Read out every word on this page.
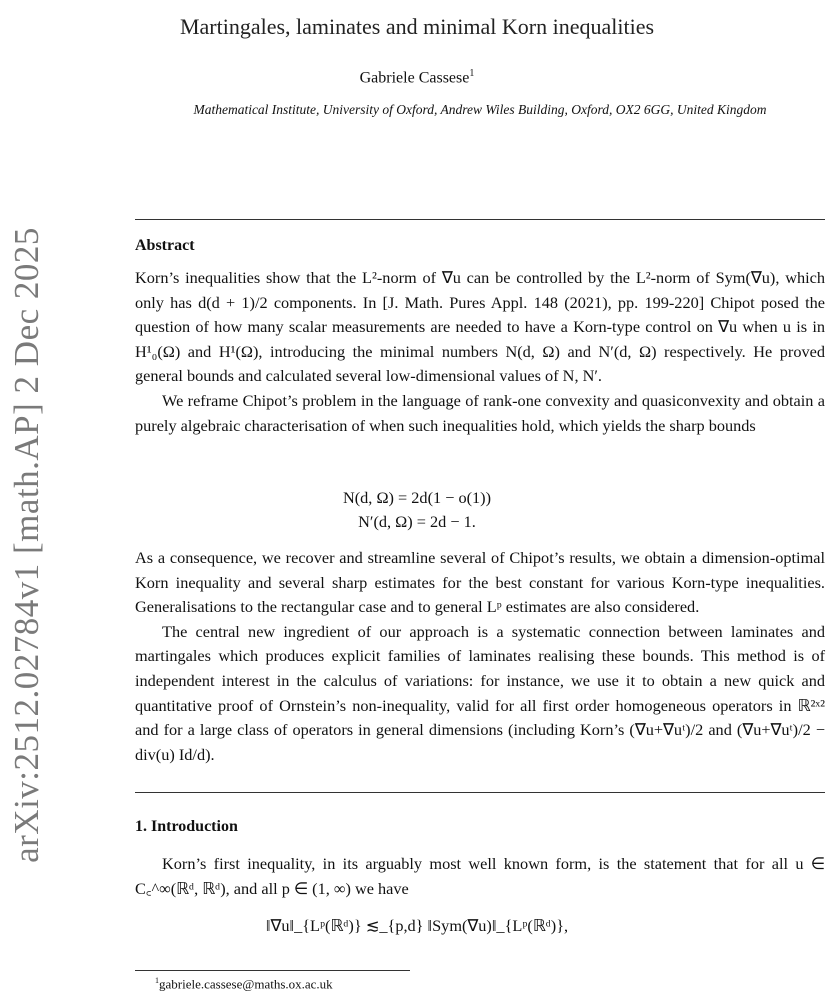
arXiv:2512.02784v1 [math.AP] 2 Dec 2025
Martingales, laminates and minimal Korn inequalities
Gabriele Cassese$^1$
Mathematical Institute, University of Oxford, Andrew Wiles Building, Oxford, OX2 6GG, United Kingdom
Abstract

Korn’s inequalities show that the L²-norm of ∇u can be controlled by the L²-norm of Sym(∇u), which only has d(d + 1)/2 components. In [J. Math. Pures Appl. 148 (2021), pp. 199-220] Chipot posed the question of how many scalar measurements are needed to have a Korn-type control on ∇u when u is in H¹₀(Ω) and H¹(Ω), introducing the minimal numbers N(d, Ω) and N′(d, Ω) respectively. He proved general bounds and calculated several low-dimensional values of N, N′.

We reframe Chipot’s problem in the language of rank-one convexity and quasiconvexity and obtain a purely algebraic characterisation of when such inequalities hold, which yields the sharp bounds

N(d, Ω) = 2d(1 − o(1))
N′(d, Ω) = 2d − 1.

As a consequence, we recover and streamline several of Chipot’s results, we obtain a dimension-optimal Korn inequality and several sharp estimates for the best constant for various Korn-type inequalities. Generalisations to the rectangular case and to general Lᵖ estimates are also considered.

The central new ingredient of our approach is a systematic connection between laminates and martingales which produces explicit families of laminates realising these bounds. This method is of independent interest in the calculus of variations: for instance, we use it to obtain a new quick and quantitative proof of Ornstein’s non-inequality, valid for all first order homogeneous operators in ℝ²ˣ² and for a large class of operators in general dimensions (including Korn’s (∇u+∇uᵗ)/2 and (∇u+∇uᵗ)/2 − div(u) Id/d).

1. Introduction

Korn’s first inequality, in its arguably most well known form, is the statement that for all u ∈ C꜀^∞(ℝᵈ, ℝᵈ), and all p ∈ (1, ∞) we have

‖∇u‖_{Lᵖ(ℝᵈ)} ≲_{p,d} ‖Sym(∇u)‖_{Lᵖ(ℝᵈ)},
$^1$gabriele.cassese@maths.ox.ac.uk
